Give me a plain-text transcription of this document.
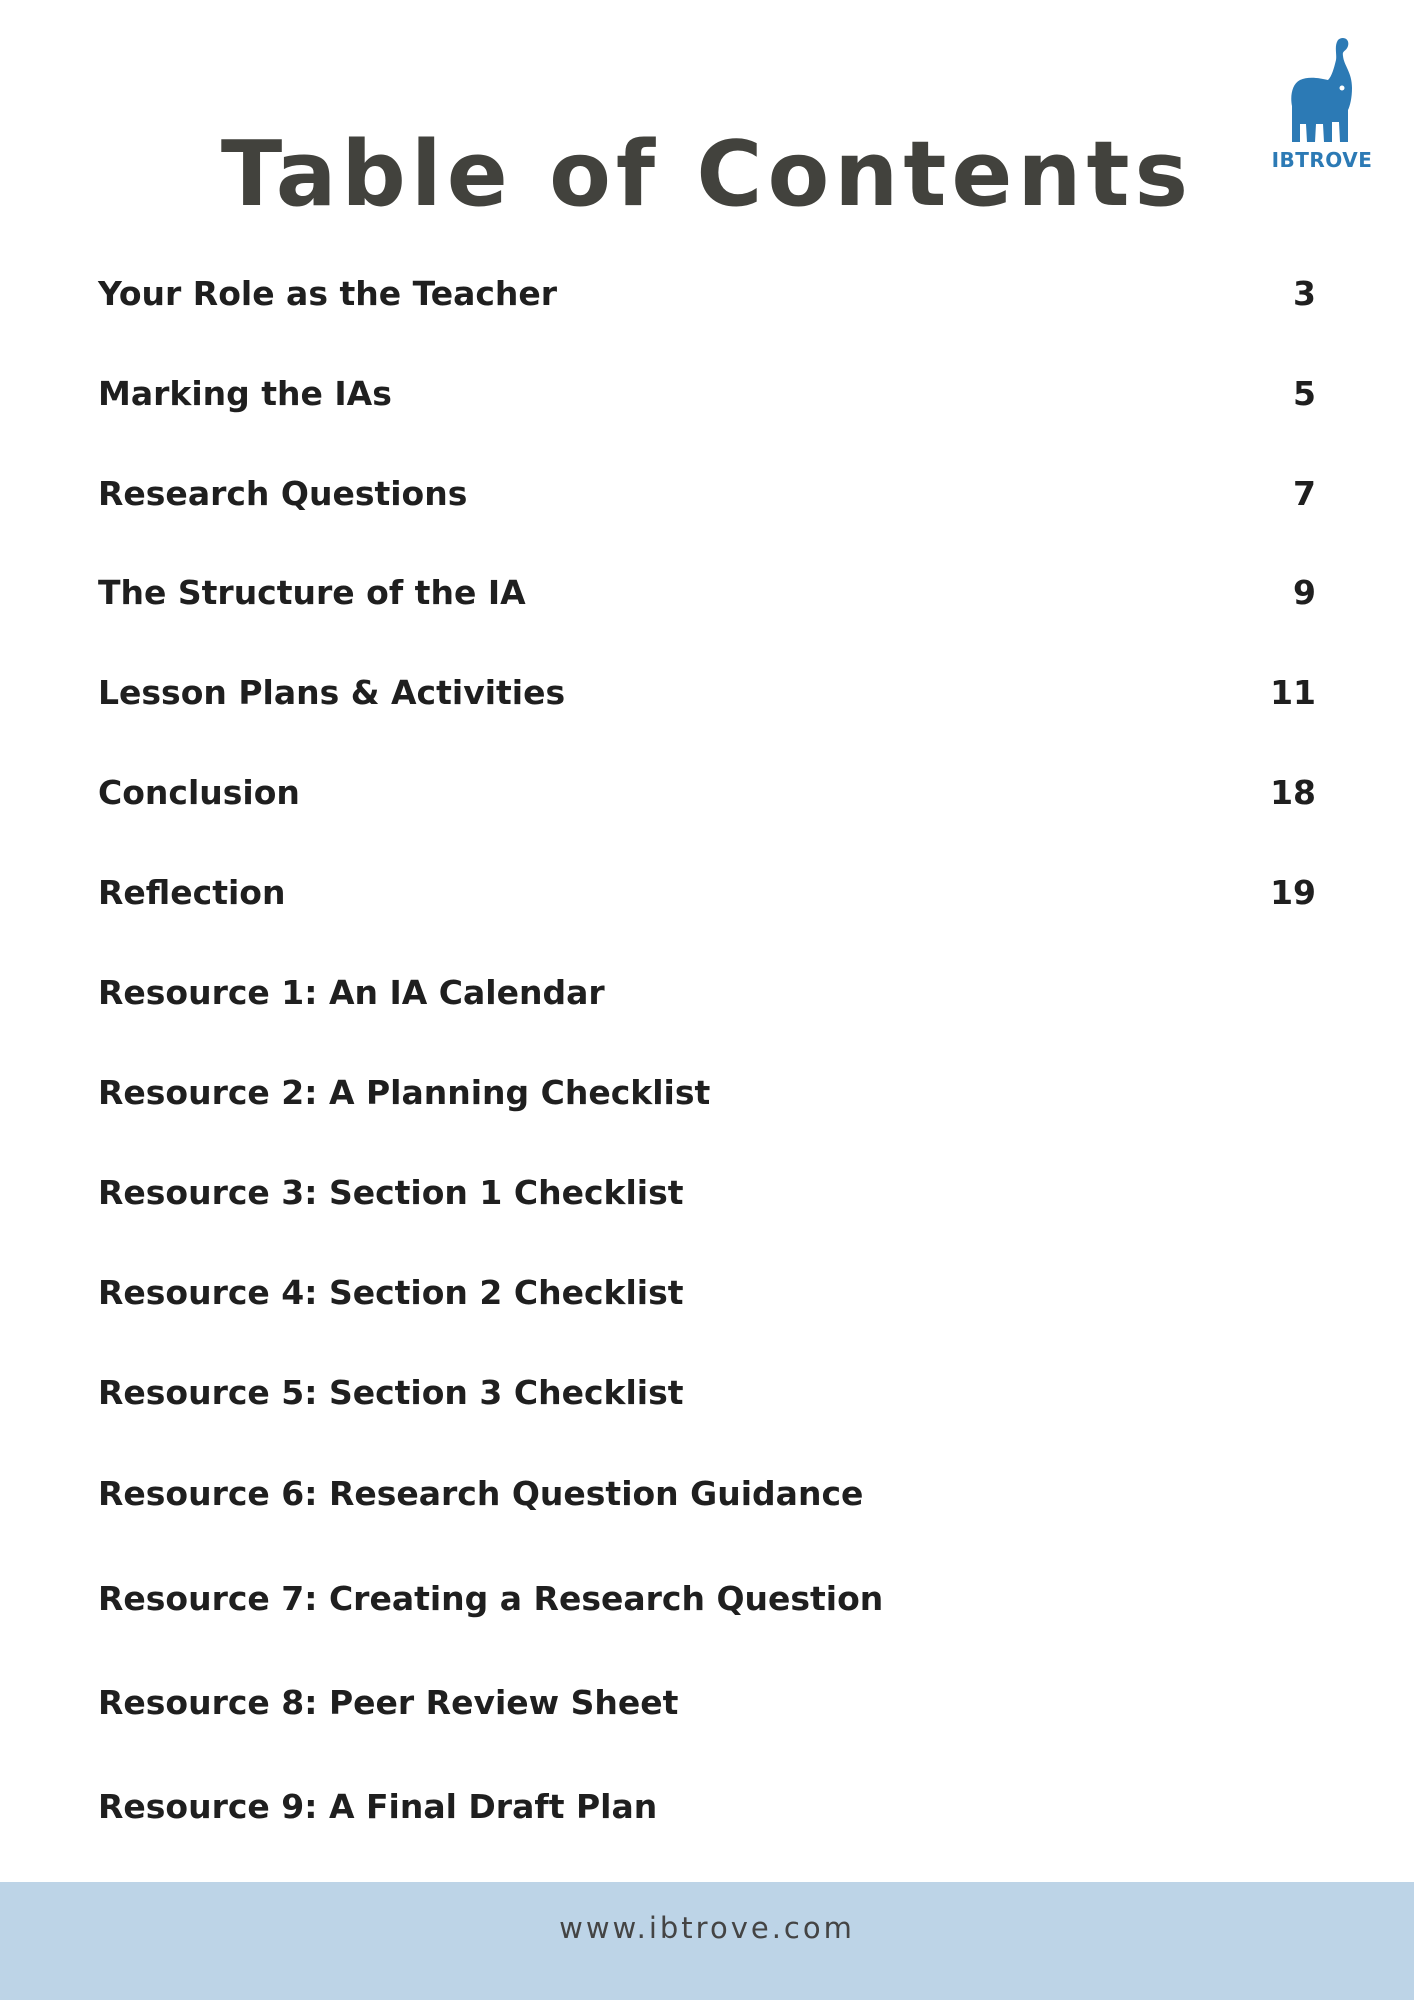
Table of Contents	IBTROVE
Your Role as the Teacher	3
Marking the IAs	5
Research Questions	7
The Structure of the IA	9
Lesson Plans & Activities	11
Conclusion	18
Reflection	19
Resource 1: An IA Calendar
Resource 2: A Planning Checklist
Resource 3: Section 1 Checklist
Resource 4: Section 2 Checklist
Resource 5: Section 3 Checklist
Resource 6: Research Question Guidance
Resource 7: Creating a Research Question
Resource 8: Peer Review Sheet
Resource 9: A Final Draft Plan
www.ibtrove.com
